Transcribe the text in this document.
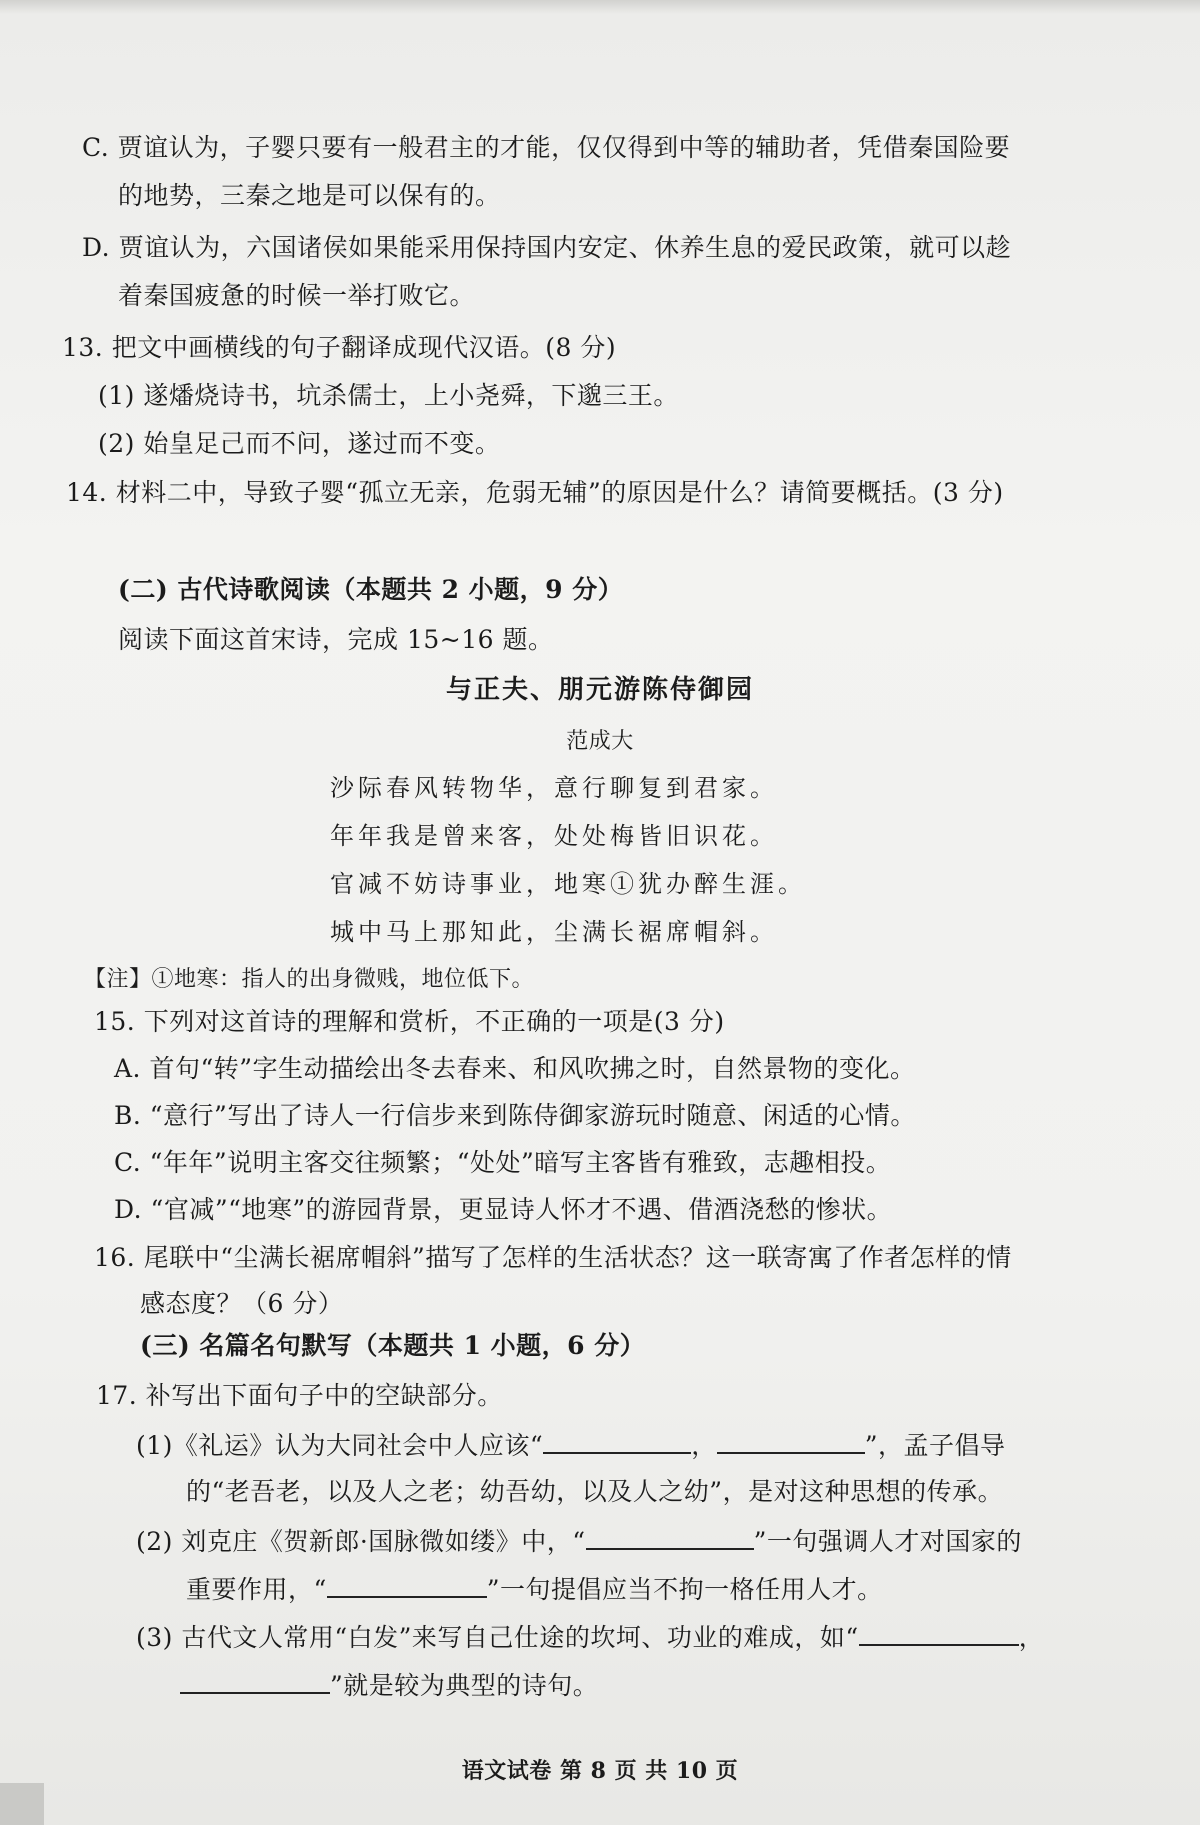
C. 贾谊认为，子婴只要有一般君主的才能，仅仅得到中等的辅助者，凭借秦国险要
的地势，三秦之地是可以保有的。
D. 贾谊认为，六国诸侯如果能采用保持国内安定、休养生息的爱民政策，就可以趁
着秦国疲惫的时候一举打败它。
13. 把文中画横线的句子翻译成现代汉语。(8 分)
(1) 遂燔烧诗书，坑杀儒士，上小尧舜，下邈三王。
(2) 始皇足己而不问，遂过而不变。
14. 材料二中，导致子婴“孤立无亲，危弱无辅”的原因是什么？请简要概括。(3 分)
(二) 古代诗歌阅读（本题共 2 小题，9 分）
阅读下面这首宋诗，完成 15~16 题。
与正夫、朋元游陈侍御园
范成大
沙际春风转物华，意行聊复到君家。
年年我是曾来客，处处梅皆旧识花。
官减不妨诗事业，地寒①犹办醉生涯。
城中马上那知此，尘满长裾席帽斜。
【注】①地寒：指人的出身微贱，地位低下。
15. 下列对这首诗的理解和赏析，不正确的一项是(3 分)
A. 首句“转”字生动描绘出冬去春来、和风吹拂之时，自然景物的变化。
B. “意行”写出了诗人一行信步来到陈侍御家游玩时随意、闲适的心情。
C. “年年”说明主客交往频繁；“处处”暗写主客皆有雅致，志趣相投。
D. “官减”“地寒”的游园背景，更显诗人怀才不遇、借酒浇愁的惨状。
16. 尾联中“尘满长裾席帽斜”描写了怎样的生活状态？这一联寄寓了作者怎样的情
感态度？（6 分）
(三) 名篇名句默写（本题共 1 小题，6 分）
17. 补写出下面句子中的空缺部分。
(1)《礼运》认为大同社会中人应该“	，	”，孟子倡导
的“老吾老，以及人之老；幼吾幼，以及人之幼”，是对这种思想的传承。
(2) 刘克庄《贺新郎·国脉微如缕》中，“	”一句强调人才对国家的
重要作用，“	”一句提倡应当不拘一格任用人才。
(3) 古代文人常用“白发”来写自己仕途的坎坷、功业的难成，如“	，
”就是较为典型的诗句。
语文试卷 第 8 页 共 10 页
